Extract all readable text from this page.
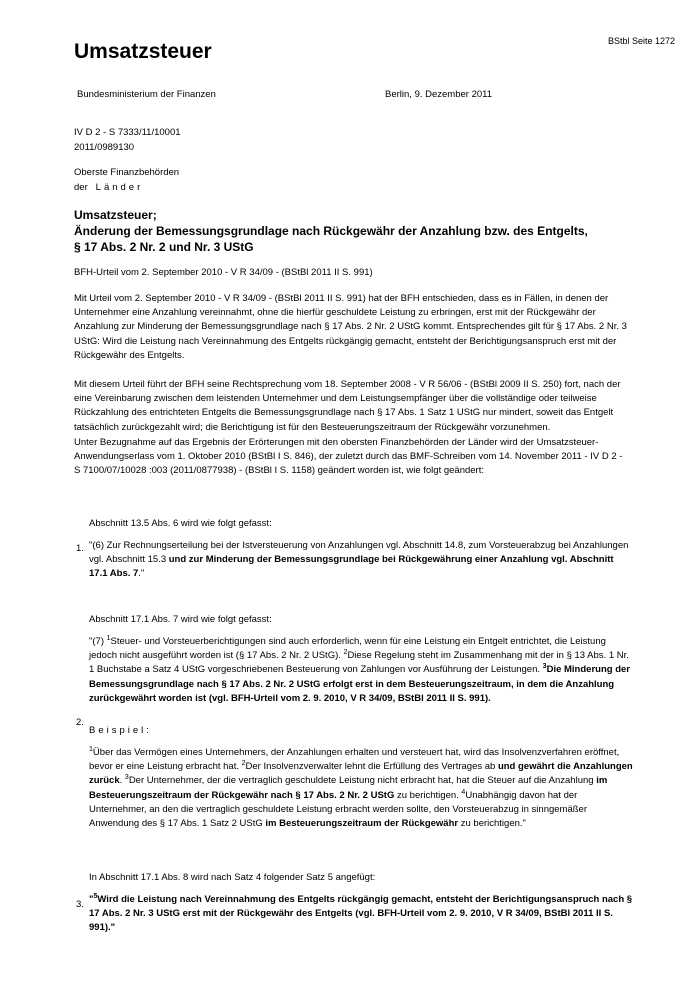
Umsatzsteuer	BStbl Seite 1272
Bundesministerium der Finanzen	Berlin, 9. Dezember 2011
IV D 2 - S 7333/11/10001
2011/0989130
Oberste Finanzbehörden
der Länder
Umsatzsteuer;
Änderung der Bemessungsgrundlage nach Rückgewähr der Anzahlung bzw. des Entgelts,
§ 17 Abs. 2 Nr. 2 und Nr. 3 UStG
BFH-Urteil vom 2. September 2010 - V R 34/09 - (BStBl 2011 II S. 991)
Mit Urteil vom 2. September 2010 - V R 34/09 - (BStBl 2011 II S. 991) hat der BFH entschieden, dass es in Fällen, in denen der Unternehmer eine Anzahlung vereinnahmt, ohne die hierfür geschuldete Leistung zu erbringen, erst mit der Rückgewähr der Anzahlung zur Minderung der Bemessungsgrundlage nach § 17 Abs. 2 Nr. 2 UStG kommt. Entsprechendes gilt für § 17 Abs. 2 Nr. 3 UStG: Wird die Leistung nach Vereinnahmung des Entgelts rückgängig gemacht, entsteht der Berichtigungsanspruch erst mit der Rückgewähr des Entgelts.
Mit diesem Urteil führt der BFH seine Rechtsprechung vom 18. September 2008 - V R 56/06 - (BStBl 2009 II S. 250) fort, nach der eine Vereinbarung zwischen dem leistenden Unternehmer und dem Leistungsempfänger über die vollständige oder teilweise Rückzahlung des entrichteten Entgelts die Bemessungsgrundlage nach § 17 Abs. 1 Satz 1 UStG nur mindert, soweit das Entgelt tatsächlich zurückgezahlt wird; die Berichtigung ist für den Besteuerungszeitraum der Rückgewähr vorzunehmen.
Unter Bezugnahme auf das Ergebnis der Erörterungen mit den obersten Finanzbehörden der Länder wird der Umsatzsteuer-Anwendungserlass vom 1. Oktober 2010 (BStBl I S. 846), der zuletzt durch das BMF-Schreiben vom 14. November 2011 - IV D 2 - S 7100/07/10028 :003 (2011/0877938) - (BStBl I S. 1158) geändert worden ist, wie folgt geändert:
Abschnitt 13.5 Abs. 6 wird wie folgt gefasst:
1. "(6) Zur Rechnungserteilung bei der Istversteuerung von Anzahlungen vgl. Abschnitt 14.8, zum Vorsteuerabzug bei Anzahlungen vgl. Abschnitt 15.3 und zur Minderung der Bemessungsgrundlage bei Rückgewährung einer Anzahlung vgl. Abschnitt 17.1 Abs. 7."
Abschnitt 17.1 Abs. 7 wird wie folgt gefasst:
"(7) $^1$Steuer- und Vorsteuerberichtigungen sind auch erforderlich, wenn für eine Leistung ein Entgelt entrichtet, die Leistung jedoch nicht ausgeführt worden ist (§ 17 Abs. 2 Nr. 2 UStG). $^2$Diese Regelung steht im Zusammenhang mit der in § 13 Abs. 1 Nr. 1 Buchstabe a Satz 4 UStG vorgeschriebenen Besteuerung von Zahlungen vor Ausführung der Leistungen. $^3$Die Minderung der Bemessungsgrundlage nach § 17 Abs. 2 Nr. 2 UStG erfolgt erst in dem Besteuerungszeitraum, in dem die Anzahlung zurückgewährt worden ist (vgl. BFH-Urteil vom 2. 9. 2010, V R 34/09, BStBl 2011 II S. 991).
2.
Beispiel:
$^1$Über das Vermögen eines Unternehmers, der Anzahlungen erhalten und versteuert hat, wird das Insolvenzverfahren eröffnet, bevor er eine Leistung erbracht hat. $^2$Der Insolvenzverwalter lehnt die Erfüllung des Vertrages ab und gewährt die Anzahlungen zurück. $^3$Der Unternehmer, der die vertraglich geschuldete Leistung nicht erbracht hat, hat die Steuer auf die Anzahlung im Besteuerungszeitraum der Rückgewähr nach § 17 Abs. 2 Nr. 2 UStG zu berichtigen. $^4$Unabhängig davon hat der Unternehmer, an den die vertraglich geschuldete Leistung erbracht werden sollte, den Vorsteuerabzug in sinngemäßer Anwendung des § 17 Abs. 1 Satz 2 UStG im Besteuerungszeitraum der Rückgewähr zu berichtigen."
In Abschnitt 17.1 Abs. 8 wird nach Satz 4 folgender Satz 5 angefügt:
3. "$^5$Wird die Leistung nach Vereinnahmung des Entgelts rückgängig gemacht, entsteht der Berichtigungsanspruch nach § 17 Abs. 2 Nr. 3 UStG erst mit der Rückgewähr des Entgelts (vgl. BFH-Urteil vom 2. 9. 2010, V R 34/09, BStBl 2011 II S. 991)."
